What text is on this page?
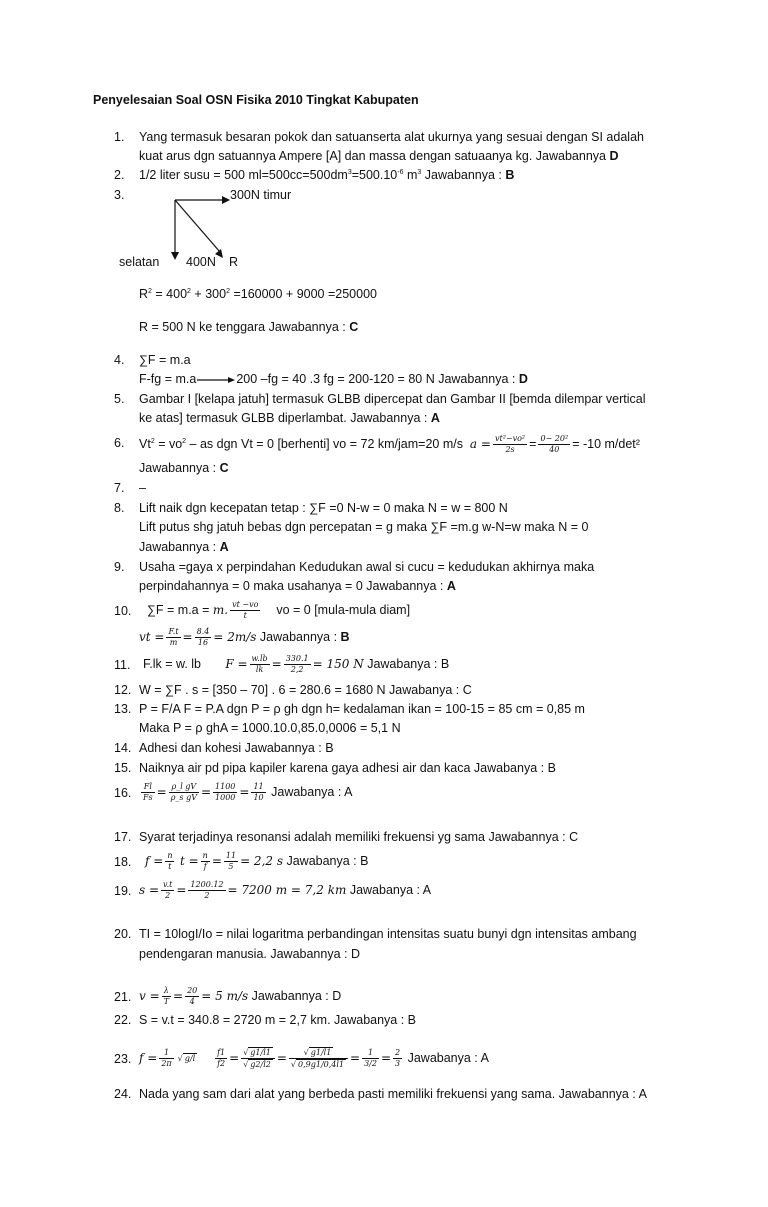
Penyelesaian Soal OSN Fisika 2010 Tingkat Kabupaten
1. Yang termasuk besaran pokok dan satuanserta alat ukurnya yang sesuai dengan SI adalah
kuat arus dgn satuannya Ampere [A] dan massa dengan satuaanya kg. Jawabannya D
2. 1/2 liter susu = 500 $ml=500cc=500dm^3=500.10^{-6}$ $m^3$ Jawabannya : B
3.	300N timur
selatan 400N R
$R^2 = 400^2 + 300^2 =160000 + 9000 =250000$
R = 500 N ke tenggara Jawabannya : C
4. ∑F = m.a
F-fg = m.a	200 –fg = 40 .3 fg = 200-120 = 80 N Jawabannya : D
5. Gambar I [kelapa jatuh] termasuk GLBB dipercepat dan Gambar II [bemda dilempar vertical
ke atas] termasuk GLBB diperlambat. Jawabannya : A
6. $Vt^2 = vo^2$ – as dgn Vt = 0 [berhenti] vo = 72 km/jam=20 m/s $a = \frac{\text{vt²−vo²}}{2s} = \frac{\text{0− 20²}}{40} = -10$ m/det²
Jawabannya : C
7. –
8. Lift naik dgn kecepatan tetap : ∑F =0 N-w = 0 maka N = w = 800 N
Lift putus shg jatuh bebas dgn percepatan = g maka ∑F =m.g w-N=w maka N = 0
Jawabannya : A
9. Usaha =gaya x perpindahan Kedudukan awal si cucu = kedudukan akhirnya maka
perpindahannya = 0 maka usahanya = 0 Jawabannya : A
10. ∑F = m.a = m. $\frac{vt -vo}{t}$ vo = 0 [mula-mula diam]
vt = $\frac{F.t}{m} = \frac{8.4}{16} = 2m/s$ Jawabannya : B
11. F.lk = w. lb $F = \frac{w.lb}{lk} = \frac{330.1}{2,2} = 150$ N Jawabanya : B
12. W = ∑F . s = [350 – 70] . 6 = 280.6 = 1680 N Jawabanya : C
13. P = F/A F = P.A dgn P = ρ gh dgn h= kedalaman ikan = 100-15 = 85 cm = 0,85 m
Maka P = ρ ghA = 1000.10.0,85.0,0006 = 5,1 N
14. Adhesi dan kohesi Jawabannya : B
15. Naiknya air pd pipa kapiler karena gaya adhesi air dan kaca Jawabanya : B
16. $\frac{Fl}{Fs} = \frac{\text{ρ\_l gV}}{\text{ρ\_s gV}} = \frac{1100}{1000} = \frac{11}{10}$ Jawabanya : A
17. Syarat terjadinya resonansi adalah memiliki frekuensi yg sama Jawabannya : C
18. $f = \frac{n}{t}$ $t = \frac{n}{f} = \frac{11}{5} = 2,2$ s Jawabanya : B
19. $s = \frac{v.t}{2} = \frac{1200.12}{2} = 7200$ m = 7,2 km Jawabanya : A
20. TI = 10logI/Io = nilai logaritma perbandingan intensitas suatu bunyi dgn intensitas ambang
pendengaran manusia. Jawabannya : D
21. $v = \frac{\lambda}{T} = \frac{20}{4} = 5$ m/s Jawabannya : D
22. S = v.t = 340.8 = 2720 m = 2,7 km. Jawabanya : B
23. $f = \frac{1}{2\pi}$ √ $g/l \frac{f1}{f2} = \frac{√ g1/l1}{√ g2/l2} = \frac{√ g1/l1}{√ 0,9g1/0,4l1} = \frac{1}{3/2} = \frac{2}{3}$ Jawabanya : A
24. Nada yang sam dari alat yang berbeda pasti memiliki frekuensi yang sama. Jawabannya : A
